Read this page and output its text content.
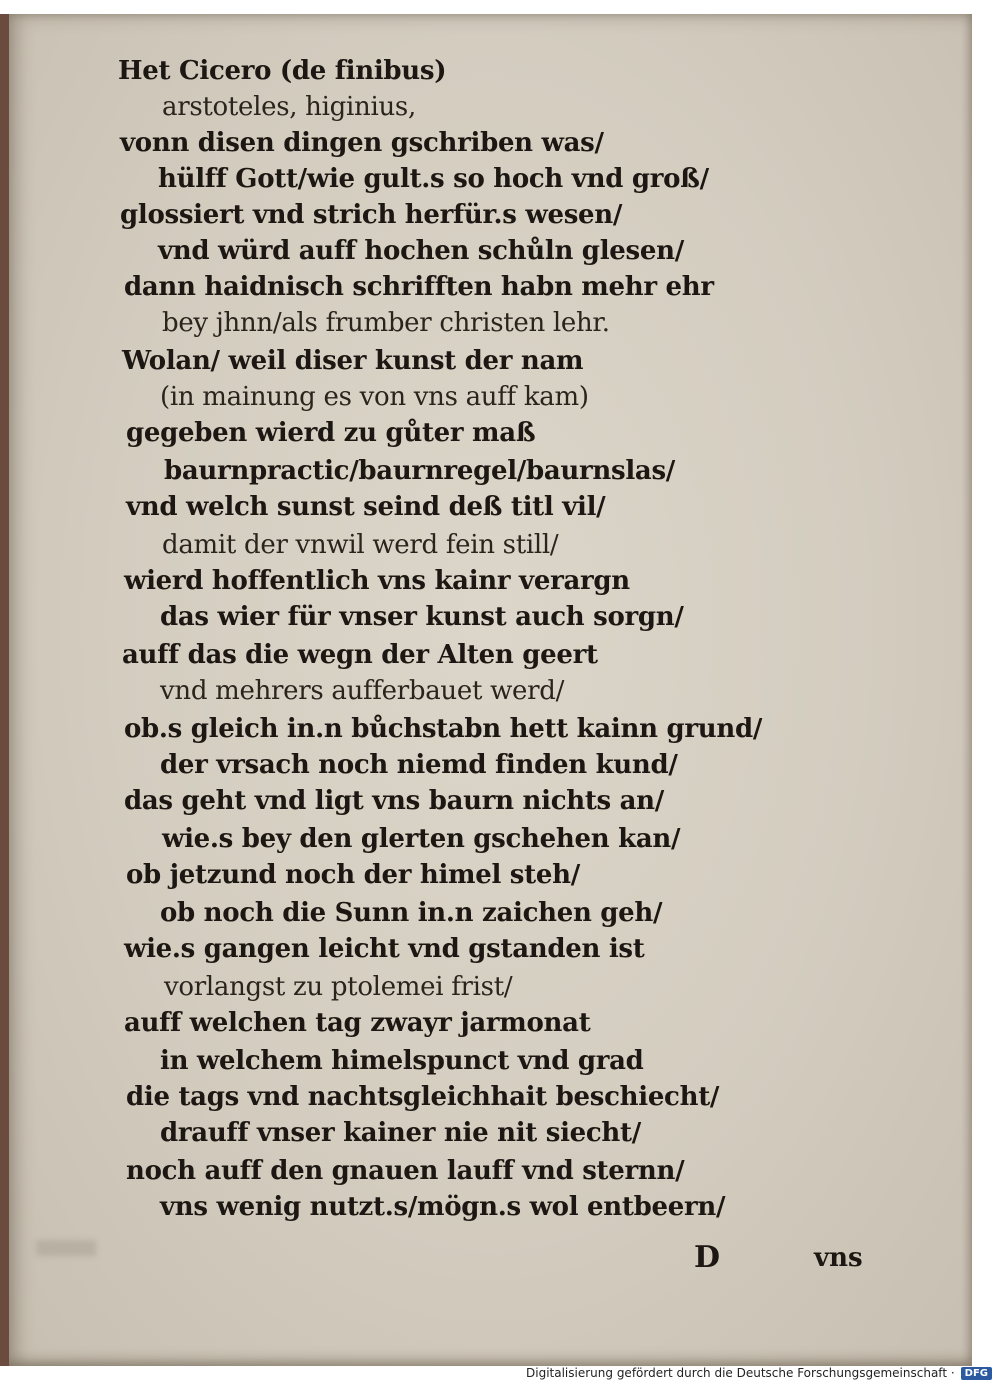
Het Cicero (de finibus)
arstoteles, higinius,
vonn disen dingen gschriben was/
hülff Gott/wie gult.s so hoch vnd groß/
glossiert vnd strich herfür.s wesen/
vnd würd auff hochen schůln glesen/
dann haidnisch schrifften habn mehr ehr
bey jhnn/als frumber christen lehr.
Wolan/ weil diser kunst der nam
(in mainung es von vns auff kam)
gegeben wierd zu gůter maß
baurnpractic/baurnregel/baurnslas/
vnd welch sunst seind deß titl vil/
damit der vnwil werd fein still/
wierd hoffentlich vns kainr verargn
das wier für vnser kunst auch sorgn/
auff das die wegn der Alten geert
vnd mehrers aufferbauet werd/
ob.s gleich in.n bůchstabn hett kainn grund/
der vrsach noch niemd finden kund/
das geht vnd ligt vns baurn nichts an/
wie.s bey den glerten gschehen kan/
ob jetzund noch der himel steh/
ob noch die Sunn in.n zaichen geh/
wie.s gangen leicht vnd gstanden ist
vorlangst zu ptolemei frist/
auff welchen tag zwayr jarmonat
in welchem himelspunct vnd grad
die tags vnd nachtsgleichhait beschiecht/
drauff vnser kainer nie nit siecht/
noch auff den gnauen lauff vnd sternn/
vns wenig nutzt.s/mögn.s wol entbeern/
D	vns
Digitalisierung gefördert durch die Deutsche Forschungsgemeinschaft ·	DFG
